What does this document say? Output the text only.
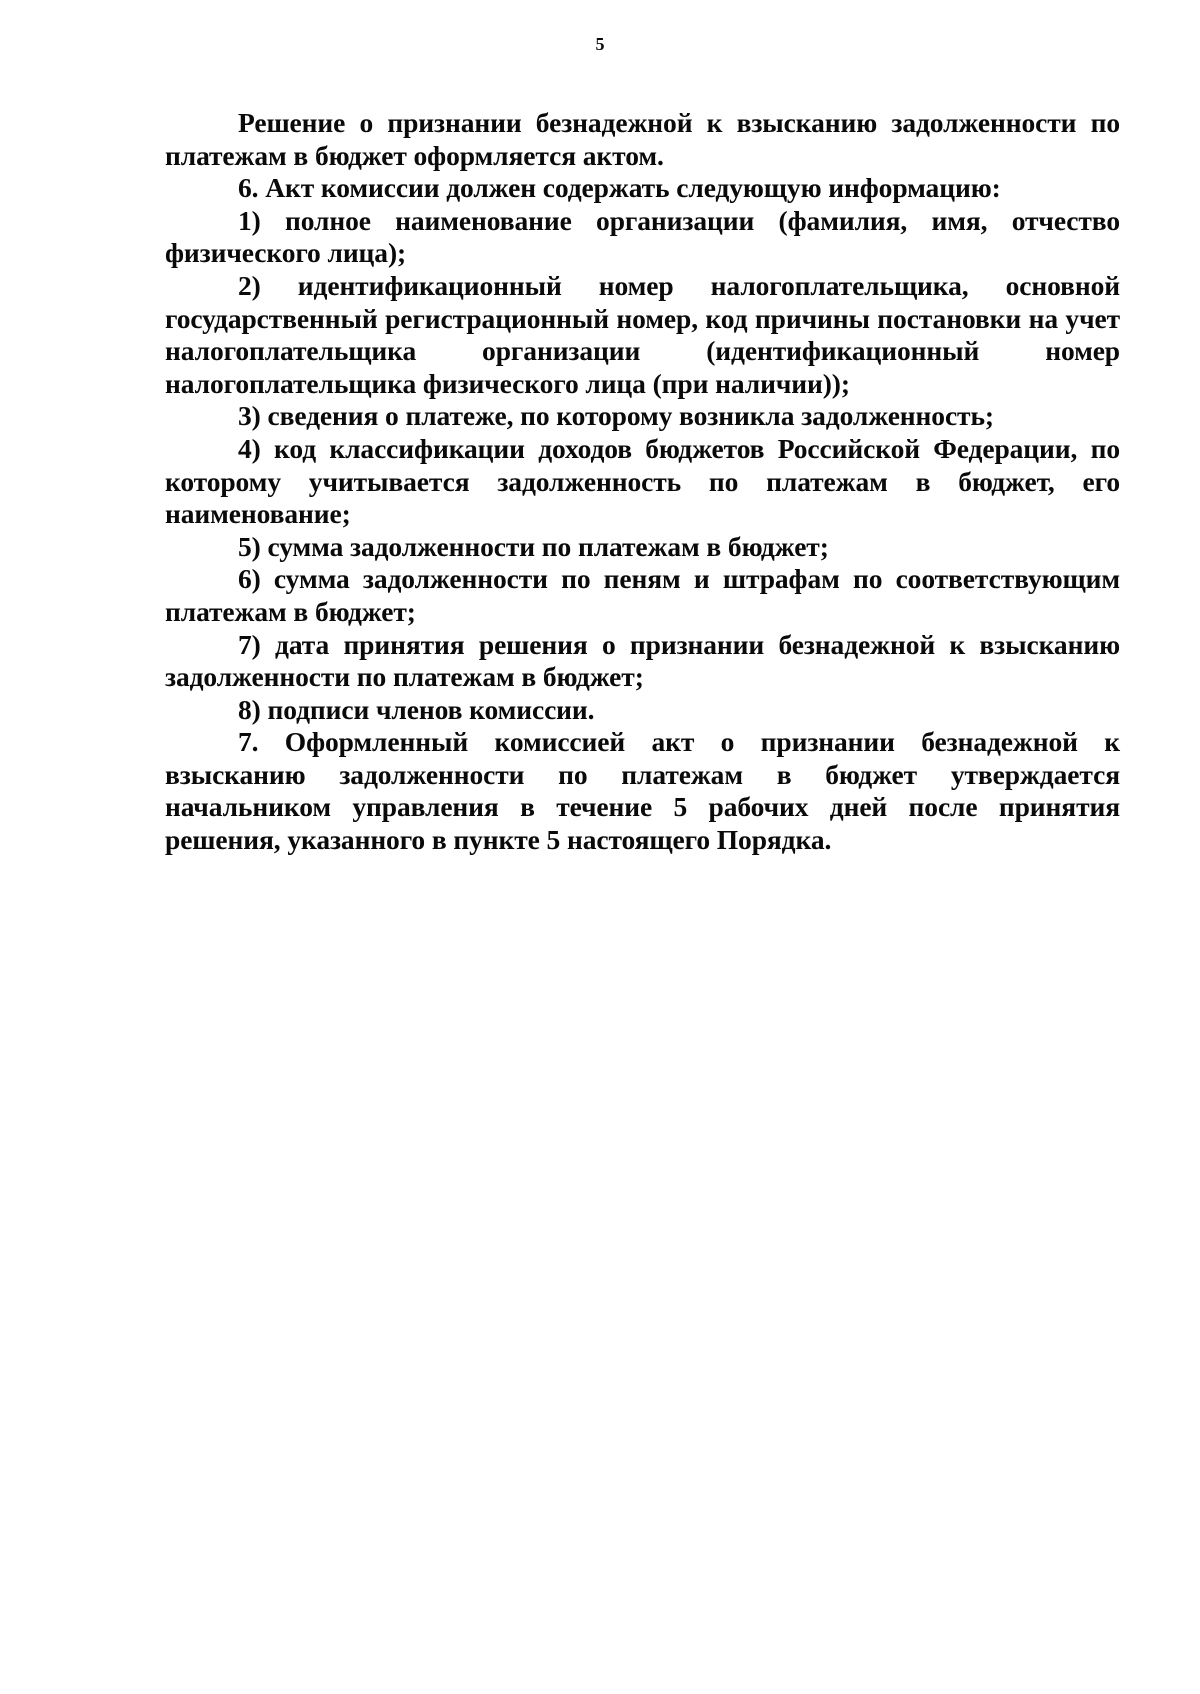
5

Решение о признании безнадежной к взысканию задолженности по платежам в бюджет оформляется актом.

6. Акт комиссии должен содержать следующую информацию:

1) полное наименование организации (фамилия, имя, отчество физического лица);

2) идентификационный номер налогоплательщика, основной государственный регистрационный номер, код причины постановки на учет налогоплательщика организации (идентификационный номер налогоплательщика физического лица (при наличии));

3) сведения о платеже, по которому возникла задолженность;

4) код классификации доходов бюджетов Российской Федерации, по которому учитывается задолженность по платежам в бюджет, его наименование;

5) сумма задолженности по платежам в бюджет;

6) сумма задолженности по пеням и штрафам по соответствующим платежам в бюджет;

7) дата принятия решения о признании безнадежной к взысканию задолженности по платежам в бюджет;

8) подписи членов комиссии.

7. Оформленный комиссией акт о признании безнадежной к взысканию задолженности по платежам в бюджет утверждается начальником управления в течение 5 рабочих дней после принятия решения, указанного в пункте 5 настоящего Порядка.
